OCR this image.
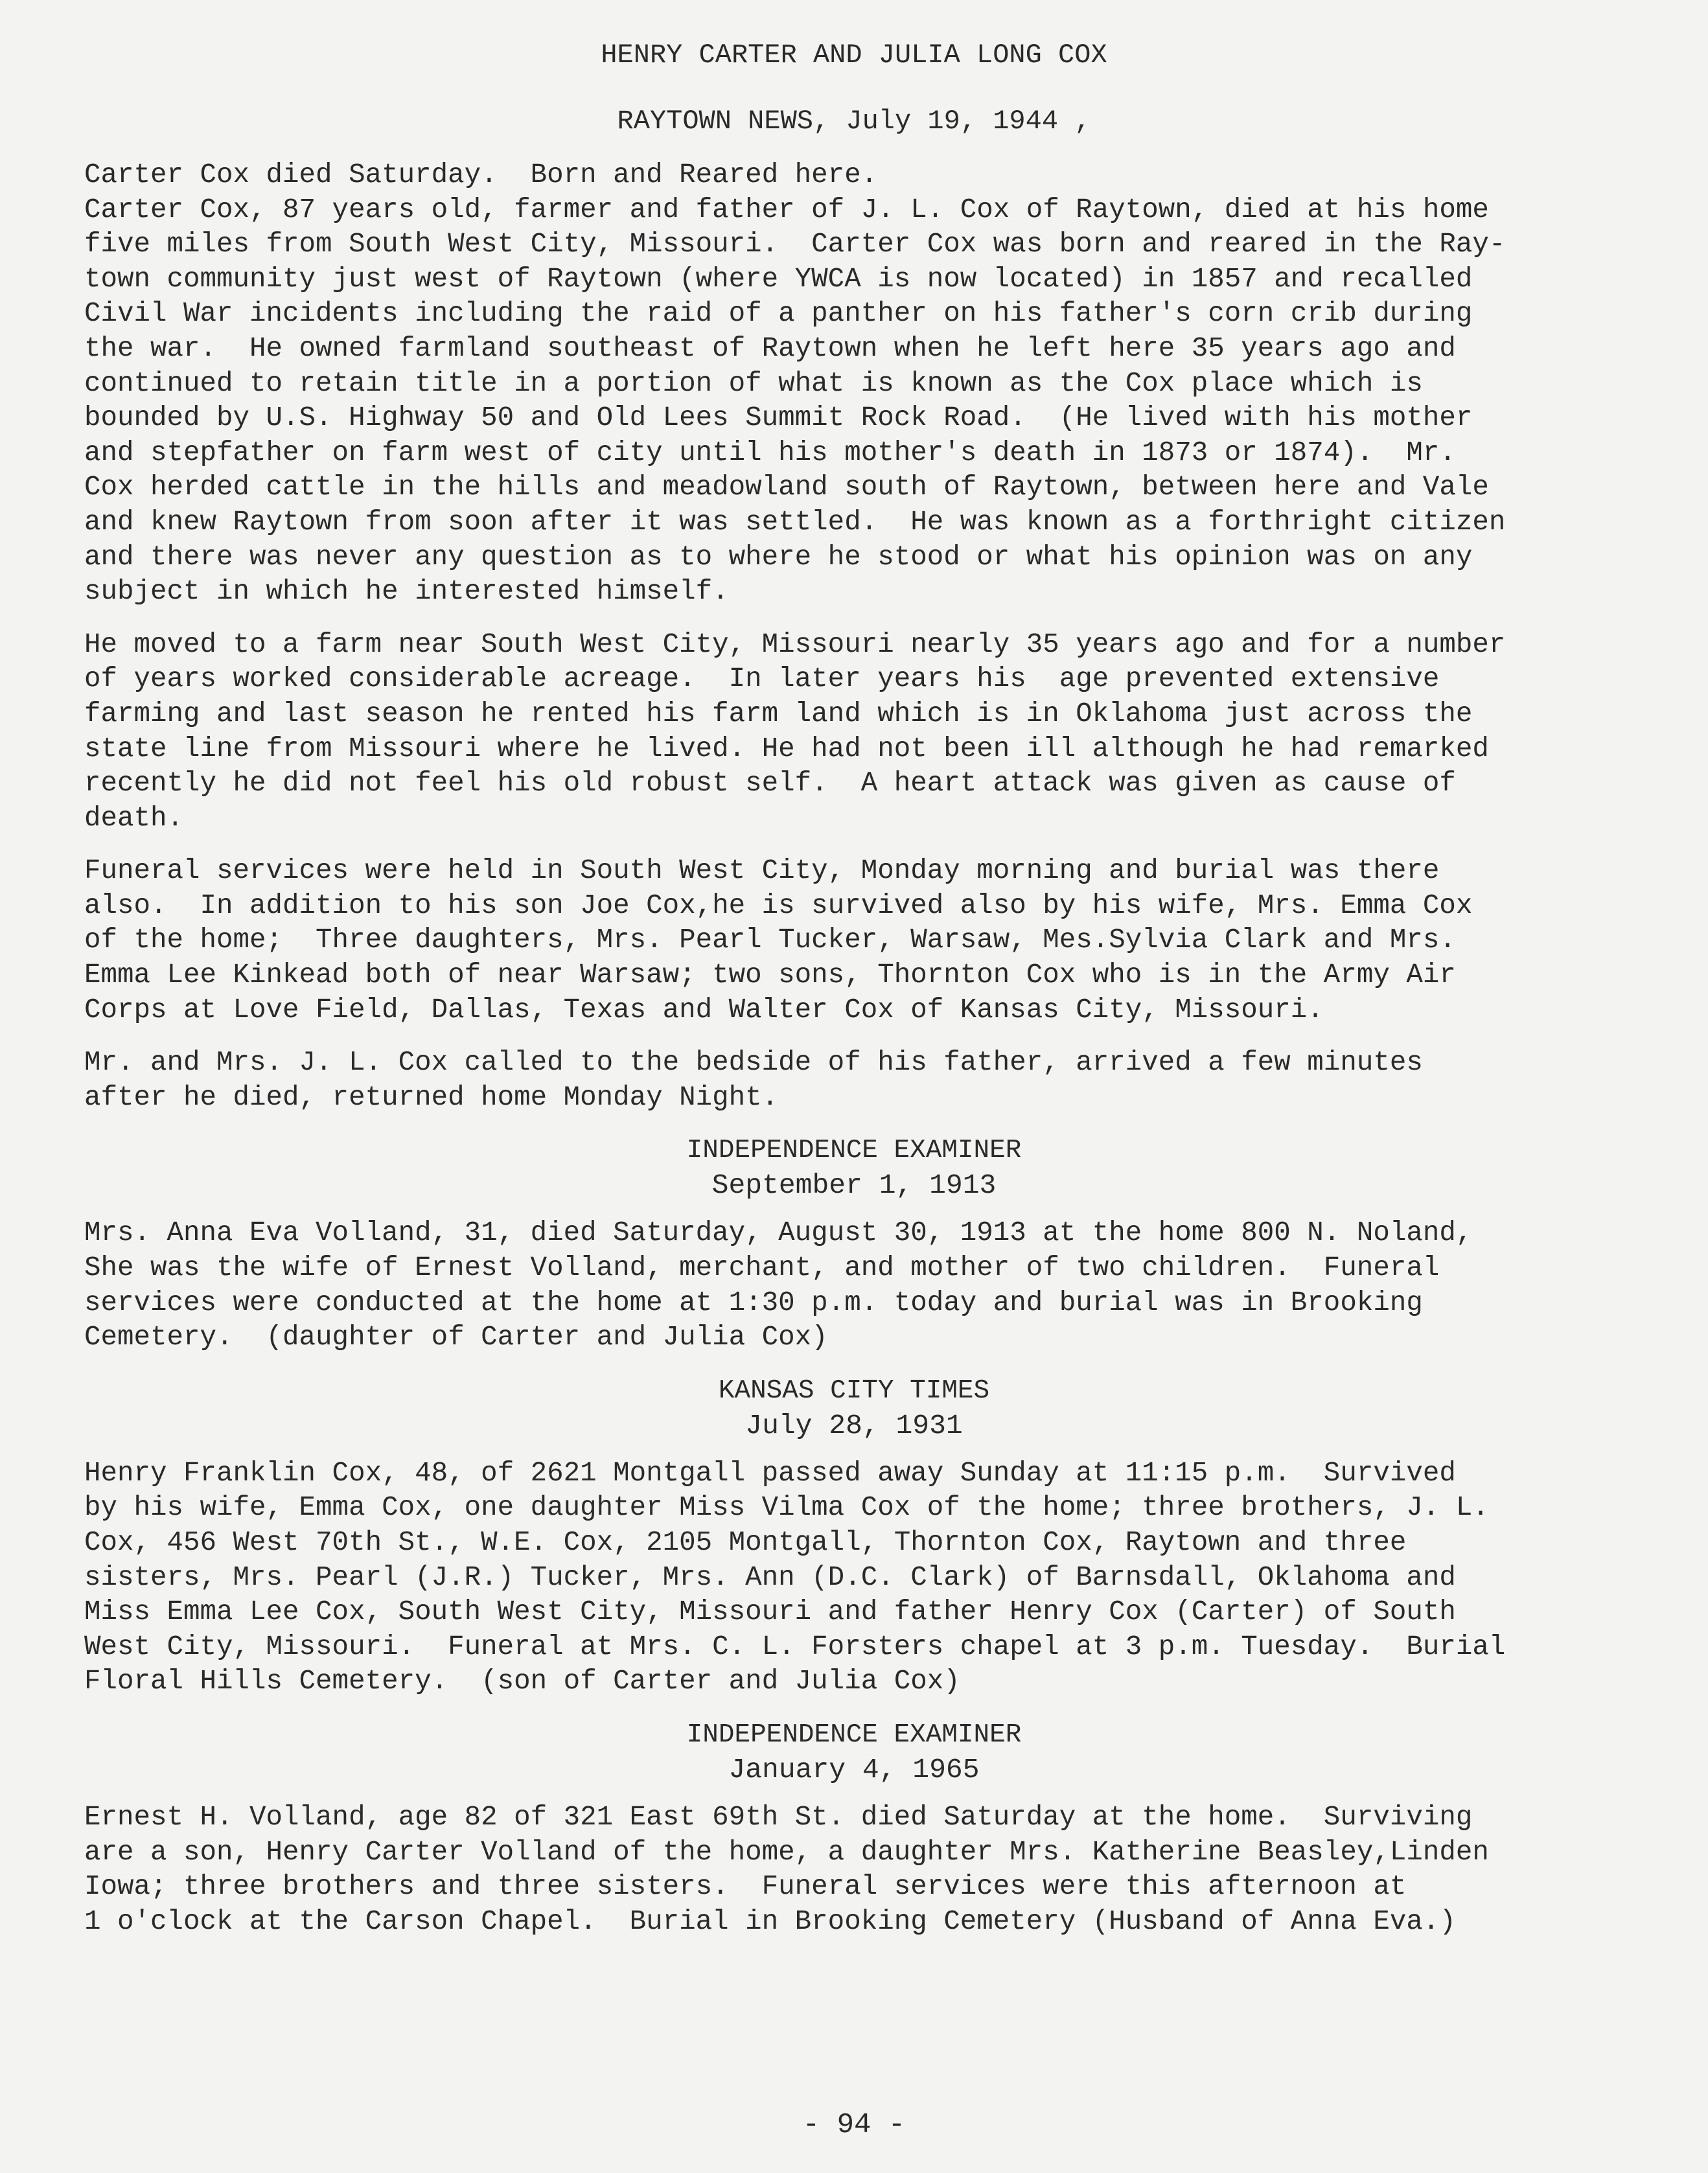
HENRY CARTER AND JULIA LONG COX
RAYTOWN NEWS, July 19, 1944 ,

Carter Cox died Saturday.  Born and Reared here.
Carter Cox, 87 years old, farmer and father of J. L. Cox of Raytown, died at his home
five miles from South West City, Missouri.  Carter Cox was born and reared in the Ray-
town community just west of Raytown (where YWCA is now located) in 1857 and recalled
Civil War incidents including the raid of a panther on his father's corn crib during
the war.  He owned farmland southeast of Raytown when he left here 35 years ago and
continued to retain title in a portion of what is known as the Cox place which is
bounded by U.S. Highway 50 and Old Lees Summit Rock Road.  (He lived with his mother
and stepfather on farm west of city until his mother's death in 1873 or 1874).  Mr.
Cox herded cattle in the hills and meadowland south of Raytown, between here and Vale
and knew Raytown from soon after it was settled.  He was known as a forthright citizen
and there was never any question as to where he stood or what his opinion was on any
subject in which he interested himself.

He moved to a farm near South West City, Missouri nearly 35 years ago and for a number
of years worked considerable acreage.  In later years his  age prevented extensive
farming and last season he rented his farm land which is in Oklahoma just across the
state line from Missouri where he lived. He had not been ill although he had remarked
recently he did not feel his old robust self.  A heart attack was given as cause of
death.

Funeral services were held in South West City, Monday morning and burial was there
also.  In addition to his son Joe Cox,he is survived also by his wife, Mrs. Emma Cox
of the home;  Three daughters, Mrs. Pearl Tucker, Warsaw, Mes.Sylvia Clark and Mrs.
Emma Lee Kinkead both of near Warsaw; two sons, Thornton Cox who is in the Army Air
Corps at Love Field, Dallas, Texas and Walter Cox of Kansas City, Missouri.

Mr. and Mrs. J. L. Cox called to the bedside of his father, arrived a few minutes
after he died, returned home Monday Night.

INDEPENDENCE EXAMINER
September 1, 1913

Mrs. Anna Eva Volland, 31, died Saturday, August 30, 1913 at the home 800 N. Noland,
She was the wife of Ernest Volland, merchant, and mother of two children.  Funeral
services were conducted at the home at 1:30 p.m. today and burial was in Brooking
Cemetery.  (daughter of Carter and Julia Cox)

KANSAS CITY TIMES
July 28, 1931

Henry Franklin Cox, 48, of 2621 Montgall passed away Sunday at 11:15 p.m.  Survived
by his wife, Emma Cox, one daughter Miss Vilma Cox of the home; three brothers, J. L.
Cox, 456 West 70th St., W.E. Cox, 2105 Montgall, Thornton Cox, Raytown and three
sisters, Mrs. Pearl (J.R.) Tucker, Mrs. Ann (D.C. Clark) of Barnsdall, Oklahoma and
Miss Emma Lee Cox, South West City, Missouri and father Henry Cox (Carter) of South
West City, Missouri.  Funeral at Mrs. C. L. Forsters chapel at 3 p.m. Tuesday.  Burial
Floral Hills Cemetery.  (son of Carter and Julia Cox)

INDEPENDENCE EXAMINER
January 4, 1965

Ernest H. Volland, age 82 of 321 East 69th St. died Saturday at the home.  Surviving
are a son, Henry Carter Volland of the home, a daughter Mrs. Katherine Beasley,Linden
Iowa; three brothers and three sisters.  Funeral services were this afternoon at
1 o'clock at the Carson Chapel.  Burial in Brooking Cemetery (Husband of Anna Eva.)

- 94 -
